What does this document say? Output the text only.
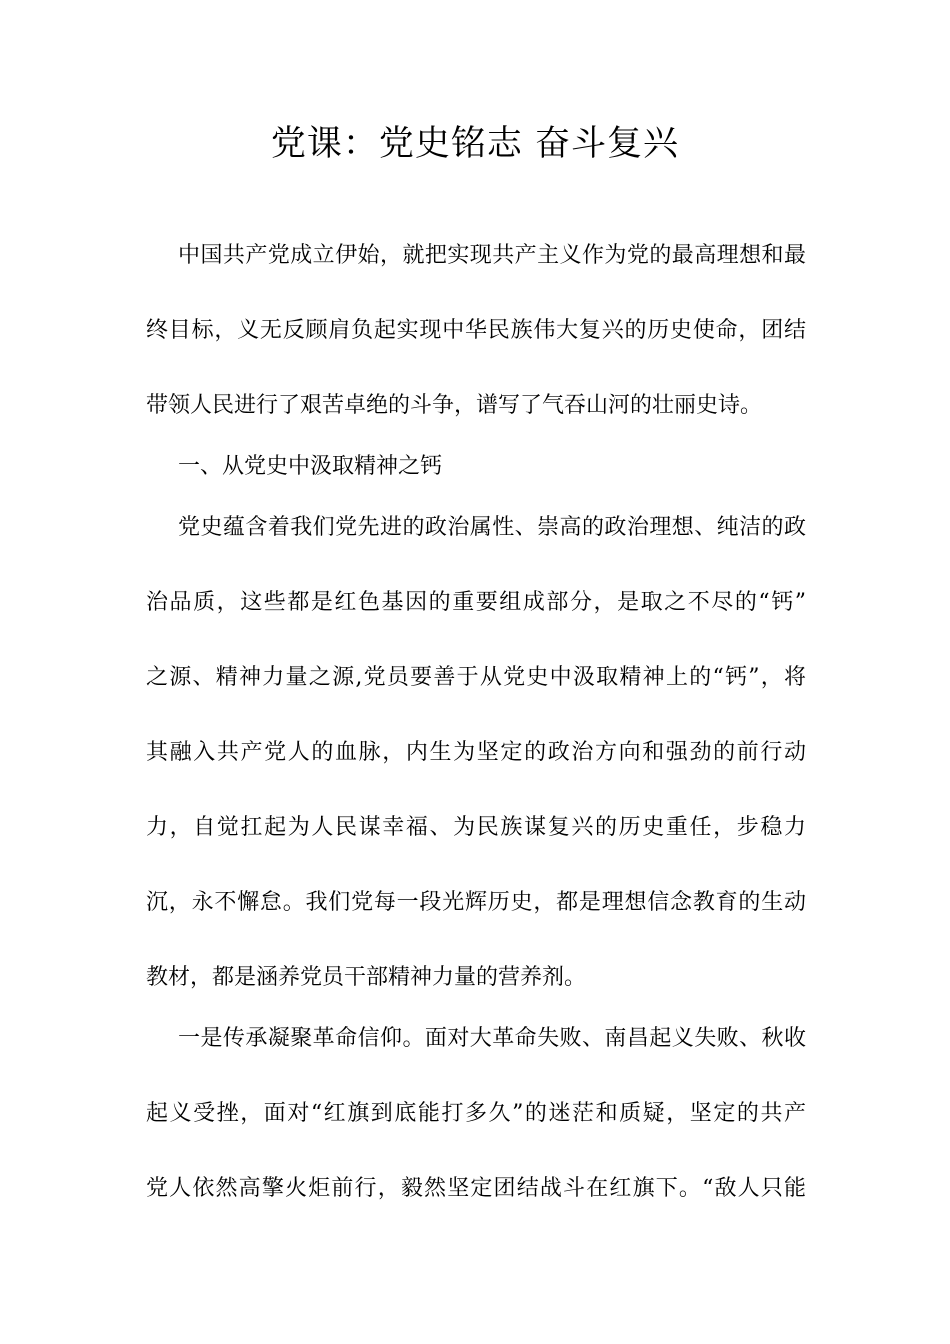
党课：党史铭志 奋斗复兴
中国共产党成立伊始，就把实现共产主义作为党的最高理想和最
终目标，义无反顾肩负起实现中华民族伟大复兴的历史使命，团结
带领人民进行了艰苦卓绝的斗争，谱写了气吞山河的壮丽史诗。
一、从党史中汲取精神之钙
党史蕴含着我们党先进的政治属性、崇高的政治理想、纯洁的政
治品质，这些都是红色基因的重要组成部分，是取之不尽的“钙”
之源、精神力量之源,党员要善于从党史中汲取精神上的“钙”，将
其融入共产党人的血脉，内生为坚定的政治方向和强劲的前行动
力，自觉扛起为人民谋幸福、为民族谋复兴的历史重任，步稳力
沉，永不懈怠。我们党每一段光辉历史，都是理想信念教育的生动
教材，都是涵养党员干部精神力量的营养剂。
一是传承凝聚革命信仰。面对大革命失败、南昌起义失败、秋收
起义受挫，面对“红旗到底能打多久”的迷茫和质疑，坚定的共产
党人依然高擎火炬前行，毅然坚定团结战斗在红旗下。“敌人只能
